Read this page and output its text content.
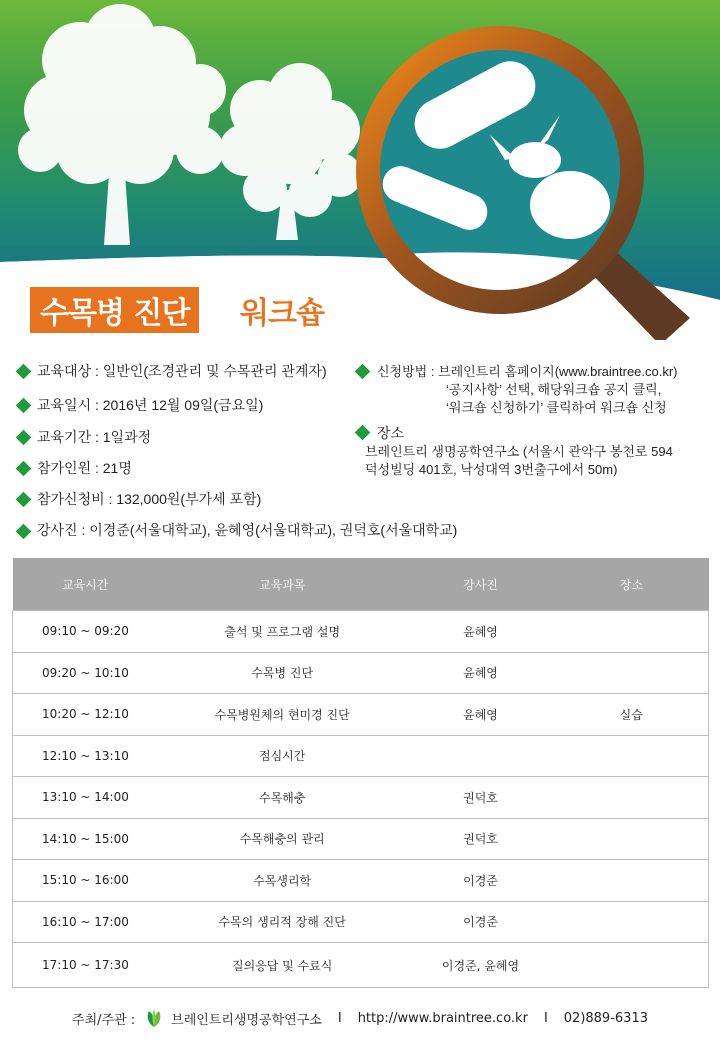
수목병 진단 워크숍
교육대상 : 일반인(조경관리 및 수목관리 관계자)
교육일시 : 2016년 12월 09일(금요일)
교육기간 : 1일과정
참가인원 : 21명
참가신청비 : 132,000원(부가세 포함)
강사진 : 이경준(서울대학교), 윤혜영(서울대학교), 권덕호(서울대학교)
신청방법 : 브레인트리 홈페이지(www.braintree.co.kr)
‘공지사항’ 선택, 해당워크숍 공지 클릭,
‘워크숍 신청하기’ 클릭하여 워크숍 신청
장소
브레인트리 생명공학연구소 (서울시 관악구 봉천로 594
덕성빌딩 401호, 낙성대역 3번출구에서 50m)
교육시간	교육과목	강사진	장소
09:10 ~ 09:20	출석 및 프로그램 설명	윤혜영	
09:20 ~ 10:10	수목병 진단	윤혜영	
10:20 ~ 12:10	수목병원체의 현미경 진단	윤혜영	실습
12:10 ~ 13:10	점심시간		
13:10 ~ 14:00	수목해충	권덕호	
14:10 ~ 15:00	수목해충의 관리	권덕호	
15:10 ~ 16:00	수목생리학	이경준	
16:10 ~ 17:00	수목의 생리적 장해 진단	이경준	
17:10 ~ 17:30	질의응답 및 수료식	이경준, 윤혜영	
주최/주관 :	브레인트리생명공학연구소 I http://www.braintree.co.kr I 02)889-6313
